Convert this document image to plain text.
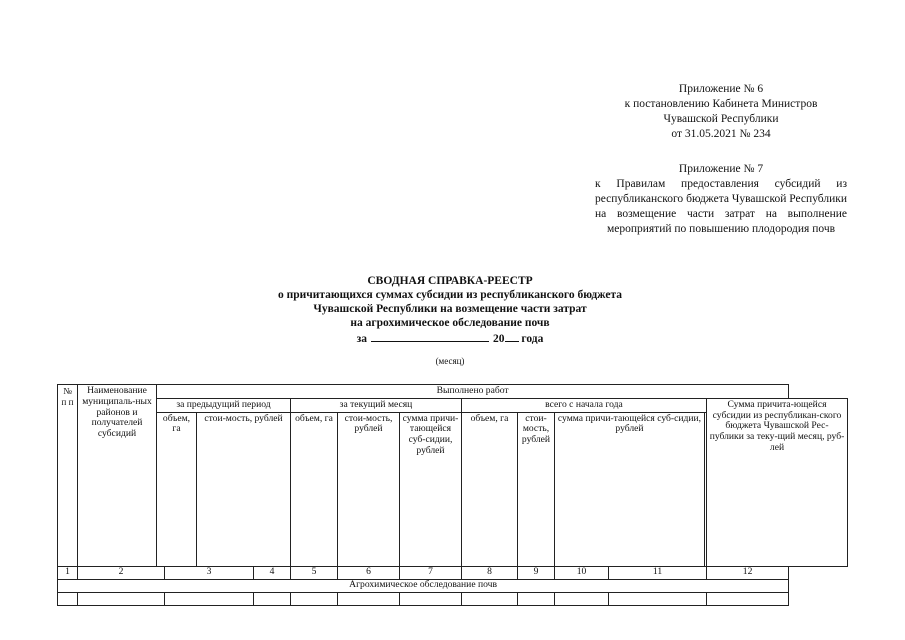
Приложение № 6
к постановлению Кабинета Министров
Чувашской Республики
от 31.05.2021 № 234
Приложение № 7
к Правилам предоставления субсидий из республиканского бюджета Чувашской Республики на возмещение части затрат на выполнение мероприятий по повышению плодородия почв
СВОДНАЯ СПРАВКА-РЕЕСТР
о причитающихся суммах субсидии из республиканского бюджета
Чувашской Республики на возмещение части затрат
на агрохимическое обследование почв
за	20 года
(месяц)
№ п п	Наименование муниципаль-ных районов и получателей субсидий	Выполнено работ												
		за предыдущий период				за текущий месяц			всего с начала года					Сумма причита-ющейся субсидии из республикан-ского бюджета Чувашской Рес-публики за теку-щий месяц, руб-лей
		объем, га		стои-мость, рублей		объем, га	стои-мость, рублей	сумма причи-тающейся суб-сидии, рублей	объем, га	стои-мость, рублей	сумма причи-тающейся суб-сидии, рублей	
1	2		3		4	5	6	7	8	9	10	11		12
Агрохимическое обследование почв														
